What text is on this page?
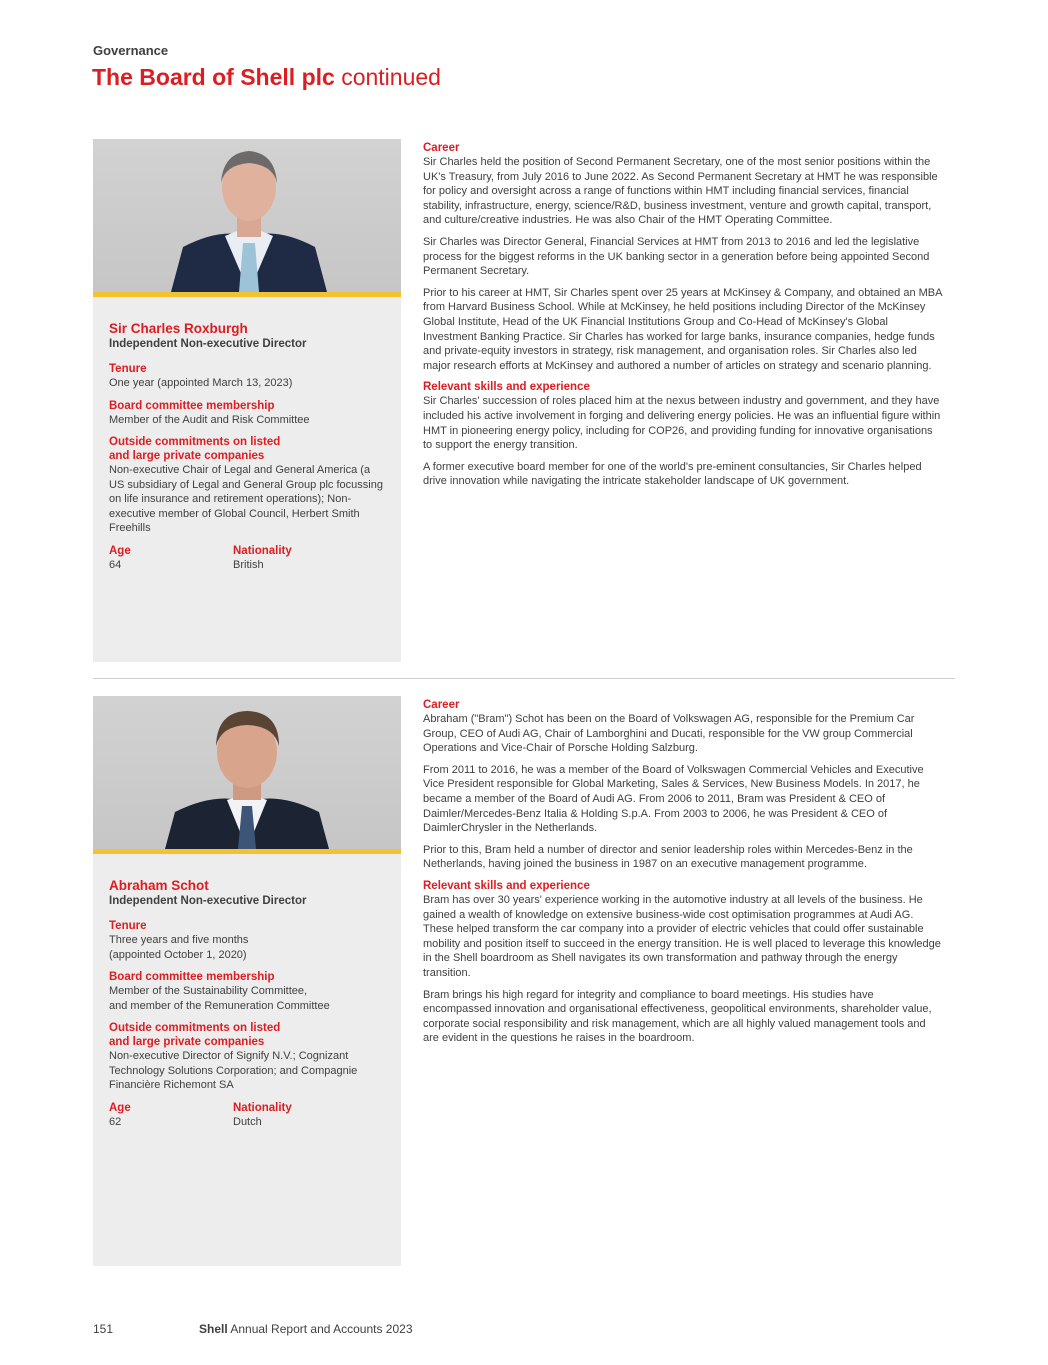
Governance
The Board of Shell plc continued
Sir Charles Roxburgh
Independent Non-executive Director
Tenure
One year (appointed March 13, 2023)
Board committee membership
Member of the Audit and Risk Committee
Outside commitments on listed
and large private companies
Non-executive Chair of Legal and General America (a US subsidiary of Legal and General Group plc focussing on life insurance and retirement operations); Non-executive member of Global Council, Herbert Smith Freehills
Age
64
Nationality
British
Career

Sir Charles held the position of Second Permanent Secretary, one of the most senior positions within the UK's Treasury, from July 2016 to June 2022. As Second Permanent Secretary at HMT he was responsible for policy and oversight across a range of functions within HMT including financial services, financial stability, infrastructure, energy, science/R&D, business investment, venture and growth capital, transport, and culture/creative industries. He was also Chair of the HMT Operating Committee.

Sir Charles was Director General, Financial Services at HMT from 2013 to 2016 and led the legislative process for the biggest reforms in the UK banking sector in a generation before being appointed Second Permanent Secretary.

Prior to his career at HMT, Sir Charles spent over 25 years at McKinsey & Company, and obtained an MBA from Harvard Business School. While at McKinsey, he held positions including Director of the McKinsey Global Institute, Head of the UK Financial Institutions Group and Co-Head of McKinsey's Global Investment Banking Practice. Sir Charles has worked for large banks, insurance companies, hedge funds and private-equity investors in strategy, risk management, and organisation roles. Sir Charles also led major research efforts at McKinsey and authored a number of articles on strategy and scenario planning.

Relevant skills and experience

Sir Charles' succession of roles placed him at the nexus between industry and government, and they have included his active involvement in forging and delivering energy policies. He was an influential figure within HMT in pioneering energy policy, including for COP26, and providing funding for innovative organisations to support the energy transition.

A former executive board member for one of the world's pre-eminent consultancies, Sir Charles helped drive innovation while navigating the intricate stakeholder landscape of UK government.

Abraham Schot
Independent Non-executive Director
Tenure
Three years and five months
(appointed October 1, 2020)
Board committee membership
Member of the Sustainability Committee,
and member of the Remuneration Committee
Outside commitments on listed
and large private companies
Non-executive Director of Signify N.V.; Cognizant Technology Solutions Corporation; and Compagnie Financière Richemont SA
Age
62
Nationality
Dutch
Career

Abraham ("Bram") Schot has been on the Board of Volkswagen AG, responsible for the Premium Car Group, CEO of Audi AG, Chair of Lamborghini and Ducati, responsible for the VW group Commercial Operations and Vice-Chair of Porsche Holding Salzburg.

From 2011 to 2016, he was a member of the Board of Volkswagen Commercial Vehicles and Executive Vice President responsible for Global Marketing, Sales & Services, New Business Models. In 2017, he became a member of the Board of Audi AG. From 2006 to 2011, Bram was President & CEO of Daimler/Mercedes-Benz Italia & Holding S.p.A. From 2003 to 2006, he was President & CEO of DaimlerChrysler in the Netherlands.

Prior to this, Bram held a number of director and senior leadership roles within Mercedes-Benz in the Netherlands, having joined the business in 1987 on an executive management programme.

Relevant skills and experience

Bram has over 30 years' experience working in the automotive industry at all levels of the business. He gained a wealth of knowledge on extensive business-wide cost optimisation programmes at Audi AG. These helped transform the car company into a provider of electric vehicles that could offer sustainable mobility and position itself to succeed in the energy transition. He is well placed to leverage this knowledge in the Shell boardroom as Shell navigates its own transformation and pathway through the energy transition.

Bram brings his high regard for integrity and compliance to board meetings. His studies have encompassed innovation and organisational effectiveness, geopolitical environments, shareholder value, corporate social responsibility and risk management, which are all highly valued management tools and are evident in the questions he raises in the boardroom.

151	Shell Annual Report and Accounts 2023
